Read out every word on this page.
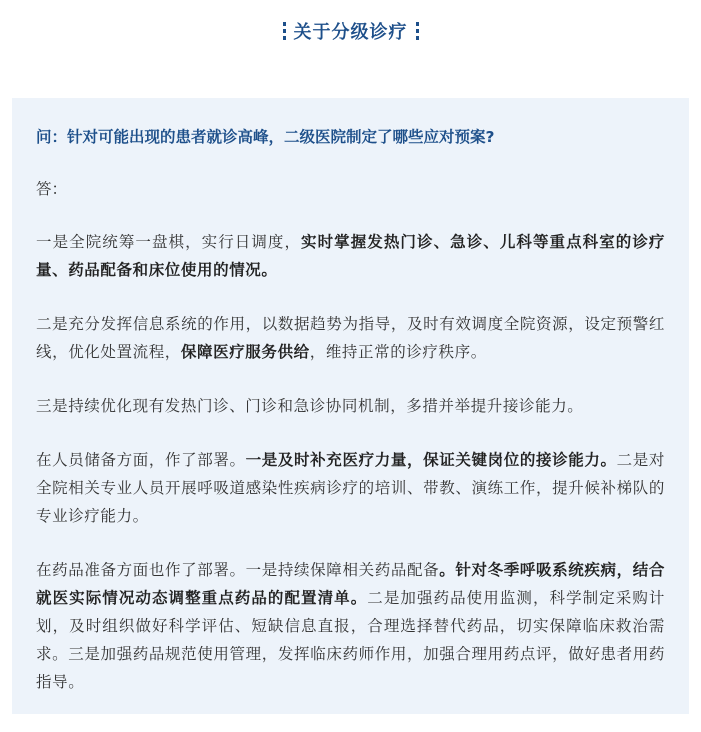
关于分级诊疗

问：针对可能出现的患者就诊高峰，二级医院制定了哪些应对预案?

答：

一是全院统筹一盘棋，实行日调度，实时掌握发热门诊、急诊、儿科等重点科室的诊疗量、药品配备和床位使用的情况。

二是充分发挥信息系统的作用，以数据趋势为指导，及时有效调度全院资源，设定预警红线，优化处置流程，保障医疗服务供给，维持正常的诊疗秩序。

三是持续优化现有发热门诊、门诊和急诊协同机制，多措并举提升接诊能力。

在人员储备方面，作了部署。一是及时补充医疗力量，保证关键岗位的接诊能力。二是对全院相关专业人员开展呼吸道感染性疾病诊疗的培训、带教、演练工作，提升候补梯队的专业诊疗能力。

在药品准备方面也作了部署。一是持续保障相关药品配备。针对冬季呼吸系统疾病，结合就医实际情况动态调整重点药品的配置清单。二是加强药品使用监测，科学制定采购计划，及时组织做好科学评估、短缺信息直报，合理选择替代药品，切实保障临床救治需求。三是加强药品规范使用管理，发挥临床药师作用，加强合理用药点评，做好患者用药指导。
